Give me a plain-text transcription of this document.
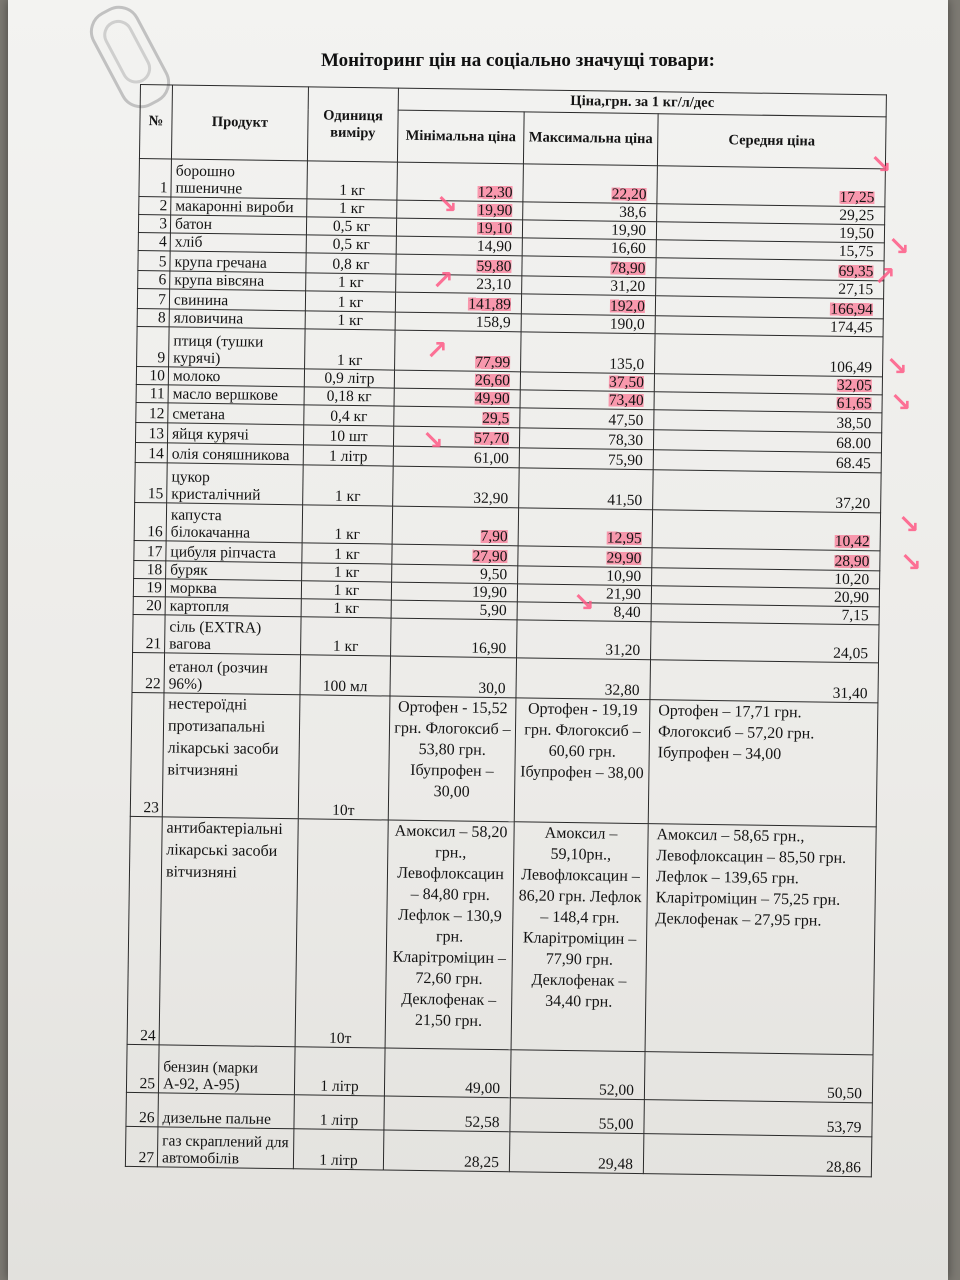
Моніторинг цін на соціально значущі товари:
№	Продукт	Одиниця виміру	Ціна,грн. за 1 кг/л/дес		
			Мінімальна ціна	Максимальна ціна	Середня ціна
1	борошно пшеничне	1 кг	12,30	22,20	17,25
2	макаронні вироби	1 кг	19,90	38,6	29,25
3	батон	0,5 кг	19,10	19,90	19,50
4	хліб	0,5 кг	14,90	16,60	15,75
5	крупа гречана	0,8 кг	59,80	78,90	69,35
6	крупа вівсяна	1 кг	23,10	31,20	27,15
7	свинина	1 кг	141,89	192,0	166,94
8	яловичина	1 кг	158,9	190,0	174,45
9	птиця (тушки курячі)	1 кг	77,99	135,0	106,49
10	молоко	0,9 літр	26,60	37,50	32,05
11	масло вершкове	0,18 кг	49,90	73,40	61,65
12	сметана	0,4 кг	29,5	47,50	38,50
13	яйця курячі	10 шт	57,70	78,30	68.00
14	олія соняшникова	1 літр	61,00	75,90	68.45
15	цукор кристалічний	1 кг	32,90	41,50	37,20
16	капуста білокачанна	1 кг	7,90	12,95	10,42
17	цибуля ріпчаста	1 кг	27,90	29,90	28,90
18	буряк	1 кг	9,50	10,90	10,20
19	морква	1 кг	19,90	21,90	20,90
20	картопля	1 кг	5,90	8,40	7,15
21	сіль (EXTRA) вагова	1 кг	16,90	31,20	24,05
22	етанол (розчин 96%)	100 мл	30,0	32,80	31,40
23	нестероїдні протизапальні лікарські засоби вітчизняні	10т	Ортофен - 15,52 грн. Флогоксиб – 53,80 грн. Ібупрофен – 30,00	Ортофен - 19,19 грн. Флогоксиб – 60,60 грн. Ібупрофен – 38,00	Ортофен – 17,71 грн. Флогоксиб – 57,20 грн. Ібупрофен – 34,00
24	антибактеріальні лікарські засоби вітчизняні	10т	Амоксил – 58,20 грн., Левофлоксацин – 84,80 грн. Лефлок – 130,9 грн. Кларітроміцин – 72,60 грн. Деклофенак – 21,50 грн.	Амоксил – 59,10рн., Левофлоксацин – 86,20 грн. Лефлок – 148,4 грн. Кларітроміцин – 77,90 грн. Деклофенак – 34,40 грн.	Амоксил – 58,65 грн., Левофлоксацин – 85,50 грн. Лефлок – 139,65 грн. Кларітроміцин – 75,25 грн. Деклофенак – 27,95 грн.
25	бензин (марки А-92, А-95)	1 літр	49,00	52,00	50,50
26	дизельне пальне	1 літр	52,58	55,00	53,79
27	газ скраплений для автомобілів	1 літр	28,25	29,48	28,86
↘
↘
↗
↘
↘
↘
↘
↘
↗
↗
↘
↘
